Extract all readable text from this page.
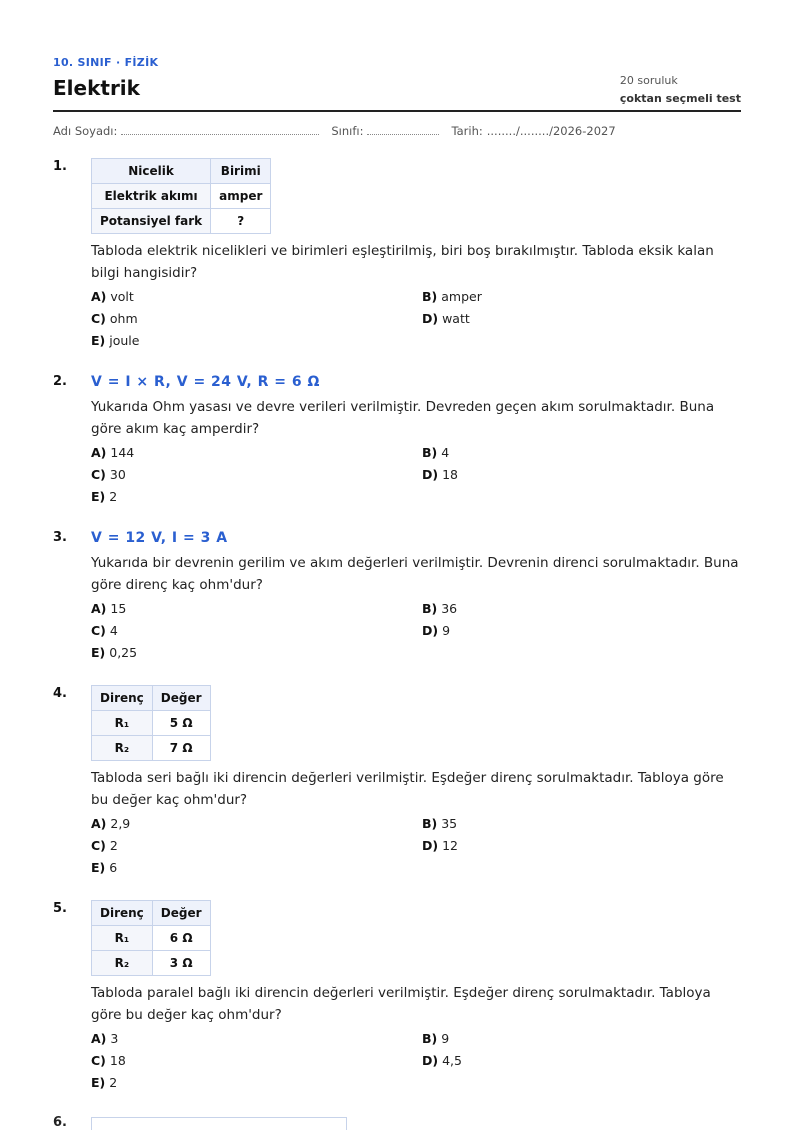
10. SINIF · FİZİK
Elektrik	20 soruluk
çoktan seçmeli test
Adı Soyadı:	Sınıfı:	Tarih: ......../......../2026-2027
1.	Nicelik	Birimi
Elektrik akımı	amper
Potansiyel fark	?
Tabloda elektrik nicelikleri ve birimleri eşleştirilmiş, biri boş bırakılmıştır. Tabloda eksik kalan bilgi hangisidir?
A) volt	B) amper
C) ohm	D) watt
E) joule
2. V = I × R, V = 24 V, R = 6 Ω
Yukarıda Ohm yasası ve devre verileri verilmiştir. Devreden geçen akım sorulmaktadır. Buna göre akım kaç amperdir?
A) 144	B) 4
C) 30	D) 18
E) 2
3. V = 12 V, I = 3 A
Yukarıda bir devrenin gerilim ve akım değerleri verilmiştir. Devrenin direnci sorulmaktadır. Buna göre direnç kaç ohm'dur?
A) 15	B) 36
C) 4	D) 9
E) 0,25
4.	Direnç	Değer
R₁	5 Ω
R₂	7 Ω
Tabloda seri bağlı iki direncin değerleri verilmiştir. Eşdeğer direnç sorulmaktadır. Tabloya göre bu değer kaç ohm'dur?
A) 2,9	B) 35
C) 2	D) 12
E) 6
5.	Direnç	Değer
R₁	6 Ω
R₂	3 Ω
Tabloda paralel bağlı iki direncin değerleri verilmiştir. Eşdeğer direnç sorulmaktadır. Tabloya göre bu değer kaç ohm'dur?
A) 3	B) 9
C) 18	D) 4,5
E) 2
6.
